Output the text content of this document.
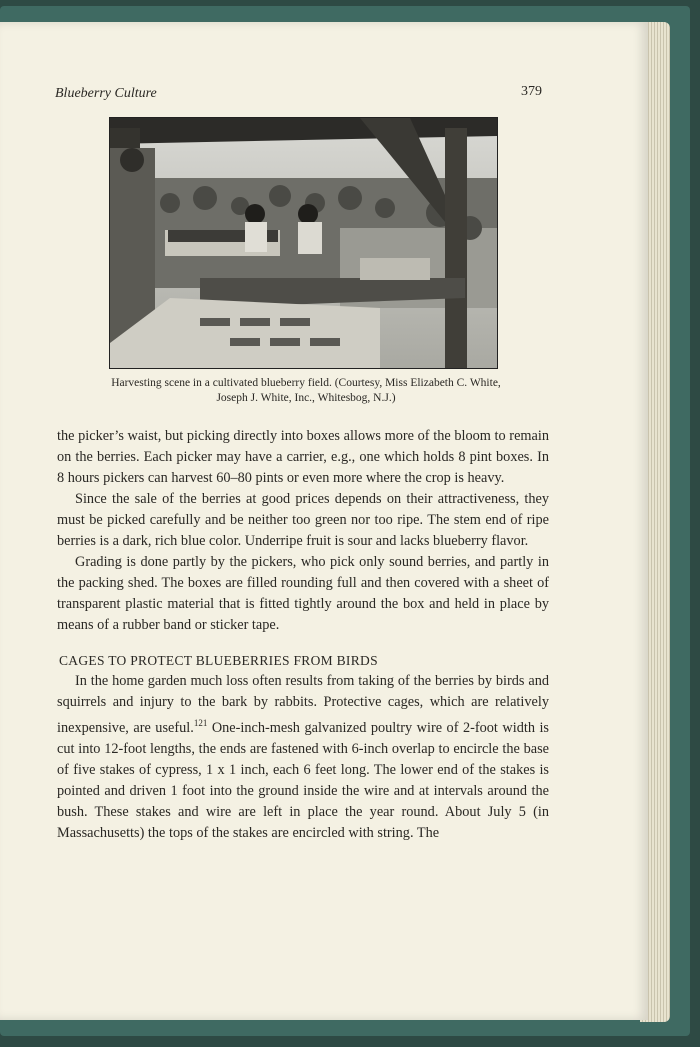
Blueberry Culture	379
Harvesting scene in a cultivated blueberry field. (Courtesy, Miss Elizabeth C. White,
Joseph J. White, Inc., Whitesbog, N.J.)

the picker’s waist, but picking directly into boxes allows more of the bloom to remain on the berries. Each picker may have a carrier, e.g., one which holds 8 pint boxes. In 8 hours pickers can harvest 60–80 pints or even more where the crop is heavy.

Since the sale of the berries at good prices depends on their attractiveness, they must be picked carefully and be neither too green nor too ripe. The stem end of ripe berries is a dark, rich blue color. Underripe fruit is sour and lacks blueberry flavor.

Grading is done partly by the pickers, who pick only sound berries, and partly in the packing shed. The boxes are filled rounding full and then covered with a sheet of transparent plastic material that is fitted tightly around the box and held in place by means of a rubber band or sticker tape.

CAGES TO PROTECT BLUEBERRIES FROM BIRDS

In the home garden much loss often results from taking of the berries by birds and squirrels and injury to the bark by rabbits. Protective cages, which are relatively inexpensive, are useful.$^{121}$ One-inch-mesh galvanized poultry wire of 2-foot width is cut into 12-foot lengths, the ends are fastened with 6-inch overlap to encircle the base of five stakes of cypress, 1 x 1 inch, each 6 feet long. The lower end of the stakes is pointed and driven 1 foot into the ground inside the wire and at intervals around the bush. These stakes and wire are left in place the year round. About July 5 (in Massachusetts) the tops of the stakes are encircled with string. The
